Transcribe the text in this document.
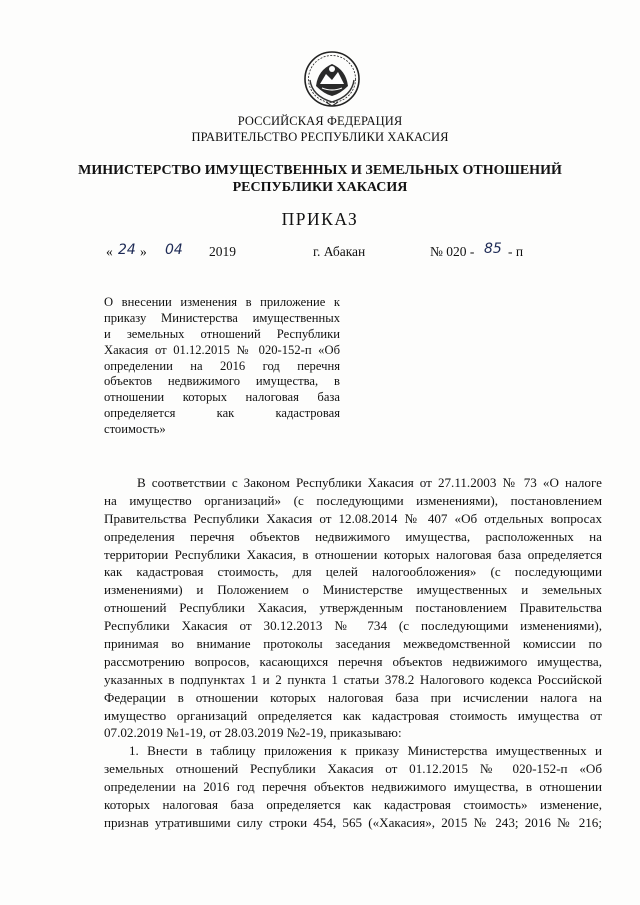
РОССИЙСКАЯ ФЕДЕРАЦИЯ
ПРАВИТЕЛЬСТВО РЕСПУБЛИКИ ХАКАСИЯ
МИНИСТЕРСТВО ИМУЩЕСТВЕННЫХ И ЗЕМЕЛЬНЫХ ОТНОШЕНИЙ
РЕСПУБЛИКИ ХАКАСИЯ
ПРИКАЗ
« 24 » 04 2019	г. Абакан	№ 020 - 85 - п
О внесении изменения в приложение к
приказу Министерства имущественных
и земельных отношений Республики
Хакасия от 01.12.2015 № 020-152-п «Об
определении на 2016 год перечня
объектов недвижимого имущества, в
отношении которых налоговая база
определяется как кадастровая
стоимость»
В соответствии с Законом Республики Хакасия от 27.11.2003 № 73 «О налоге
на имущество организаций» (с последующими изменениями), постановлением
Правительства Республики Хакасия от 12.08.2014 № 407 «Об отдельных вопросах
определения перечня объектов недвижимого имущества, расположенных на
территории Республики Хакасия, в отношении которых налоговая база определяется
как кадастровая стоимость, для целей налогообложения» (с последующими
изменениями) и Положением о Министерстве имущественных и земельных
отношений Республики Хакасия, утвержденным постановлением Правительства
Республики Хакасия от 30.12.2013 № 734 (с последующими изменениями),
принимая во внимание протоколы заседания межведомственной комиссии по
рассмотрению вопросов, касающихся перечня объектов недвижимого имущества,
указанных в подпунктах 1 и 2 пункта 1 статьи 378.2 Налогового кодекса Российской
Федерации в отношении которых налоговая база при исчислении налога на
имущество организаций определяется как кадастровая стоимость имущества от
07.02.2019 №1-19, от 28.03.2019 №2-19, приказываю:
1. Внести в таблицу приложения к приказу Министерства имущественных и
земельных отношений Республики Хакасия от 01.12.2015 № 020-152-п «Об
определении на 2016 год перечня объектов недвижимого имущества, в отношении
которых налоговая база определяется как кадастровая стоимость» изменение,
признав утратившими силу строки 454, 565 («Хакасия», 2015 № 243; 2016 № 216;
